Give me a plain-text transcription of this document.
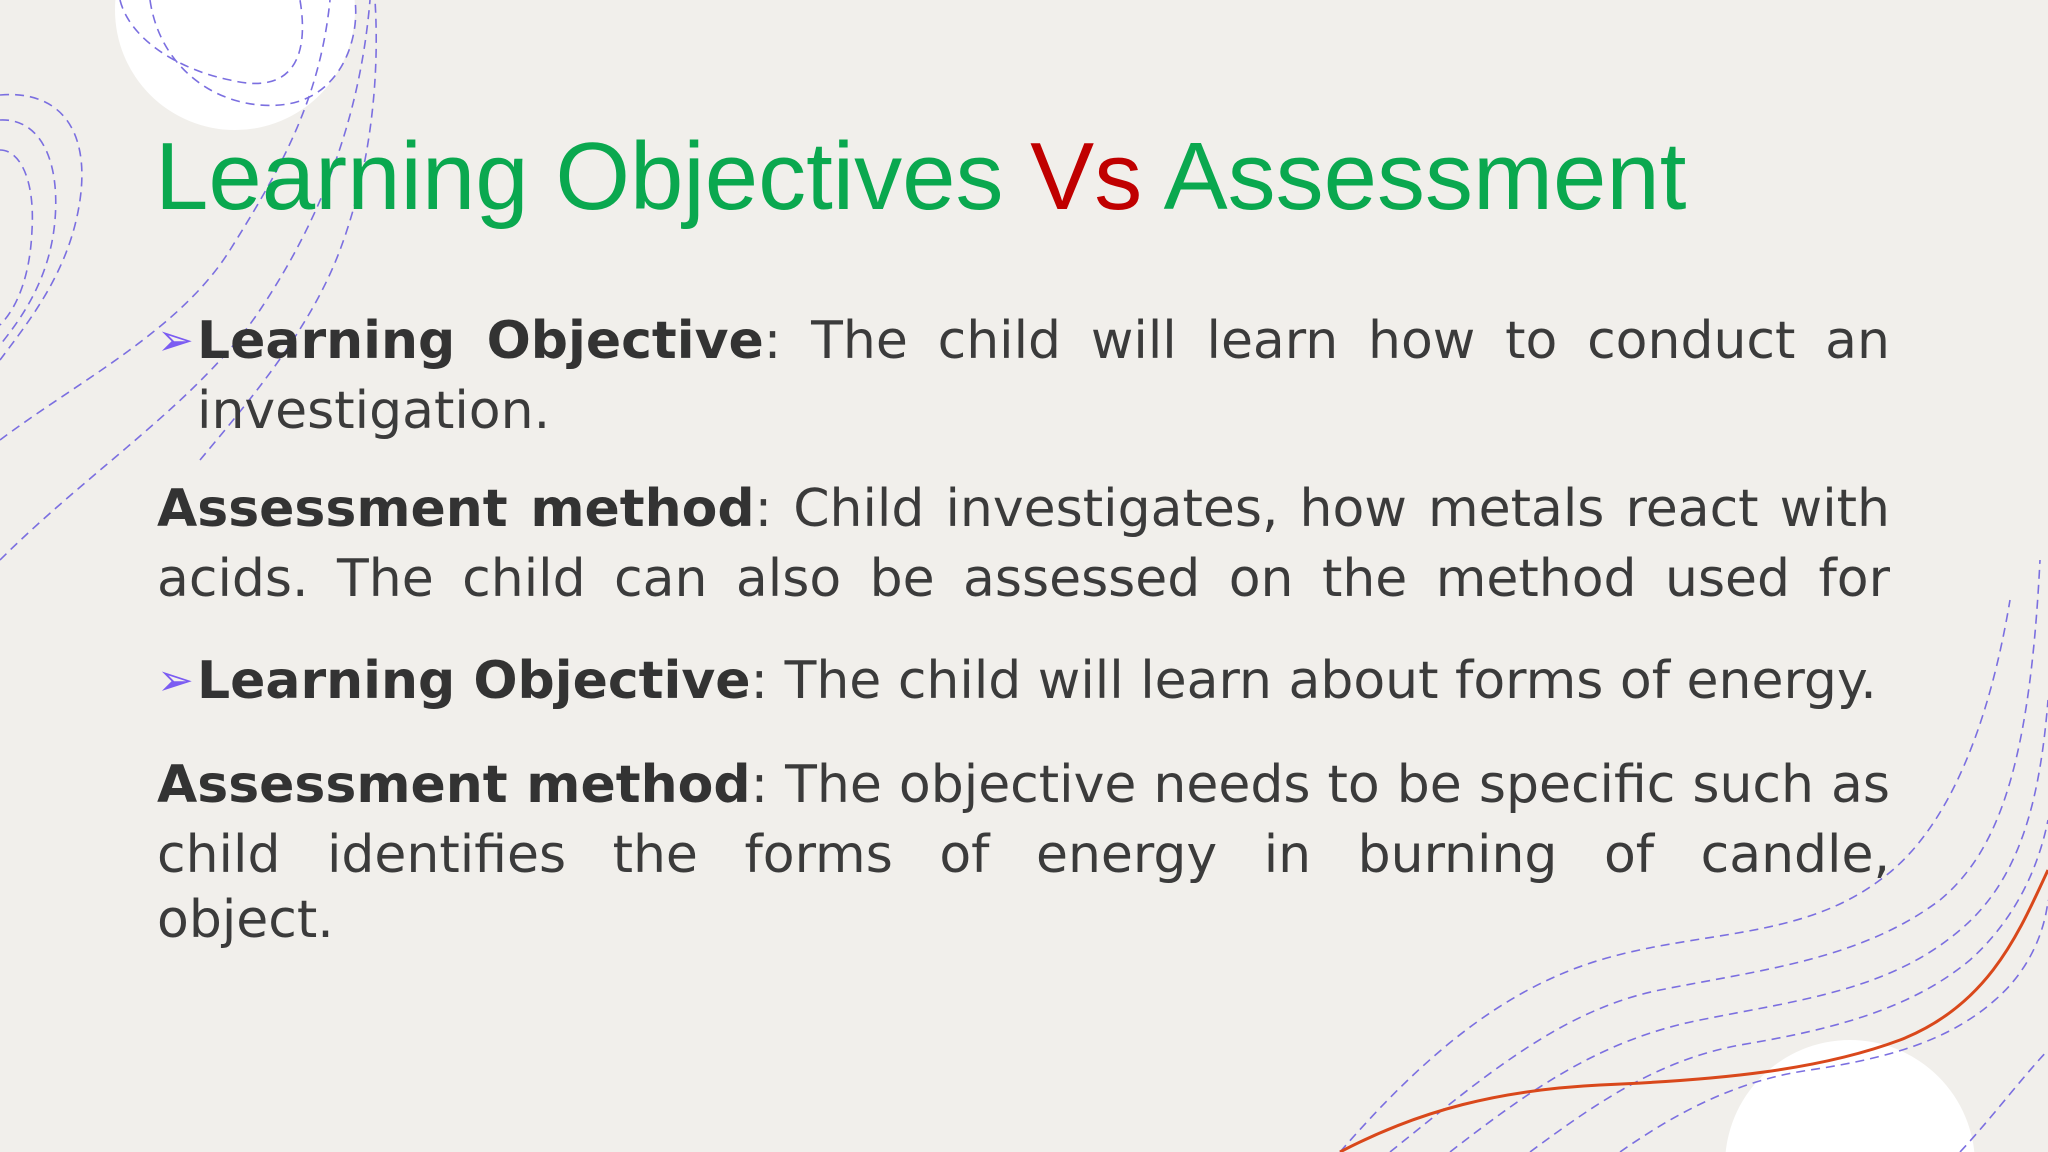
Learning Objectives Vs Assessment
➢ Learning Objective: The child will learn how to conduct an
investigation.

Assessment method: Child investigates, how metals react with
acids. The child can also be assessed on the method used for

➢ Learning Objective: The child will learn about forms of energy.

Assessment method: The objective needs to be specific such as
child identifies the forms of energy in burning of candle,
object.
